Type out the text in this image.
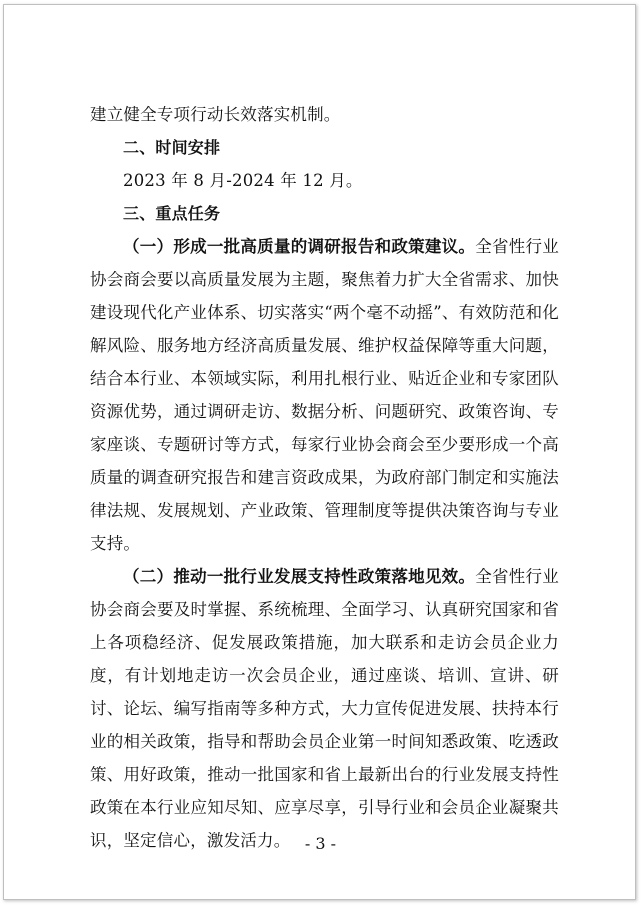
建立健全专项行动长效落实机制。

二、时间安排

2023 年 8 月-2024 年 12 月。

三、重点任务

（一）形成一批高质量的调研报告和政策建议。全省性行业协会商会要以高质量发展为主题，聚焦着力扩大全省需求、加快建设现代化产业体系、切实落实“两个毫不动摇”、有效防范和化解风险、服务地方经济高质量发展、维护权益保障等重大问题，结合本行业、本领域实际，利用扎根行业、贴近企业和专家团队资源优势，通过调研走访、数据分析、问题研究、政策咨询、专家座谈、专题研讨等方式，每家行业协会商会至少要形成一个高质量的调查研究报告和建言资政成果，为政府部门制定和实施法律法规、发展规划、产业政策、管理制度等提供决策咨询与专业支持。

（二）推动一批行业发展支持性政策落地见效。全省性行业协会商会要及时掌握、系统梳理、全面学习、认真研究国家和省上各项稳经济、促发展政策措施，加大联系和走访会员企业力度，有计划地走访一次会员企业，通过座谈、培训、宣讲、研讨、论坛、编写指南等多种方式，大力宣传促进发展、扶持本行业的相关政策，指导和帮助会员企业第一时间知悉政策、吃透政策、用好政策，推动一批国家和省上最新出台的行业发展支持性政策在本行业应知尽知、应享尽享，引导行业和会员企业凝聚共识，坚定信心，激发活力。 - 3 -
